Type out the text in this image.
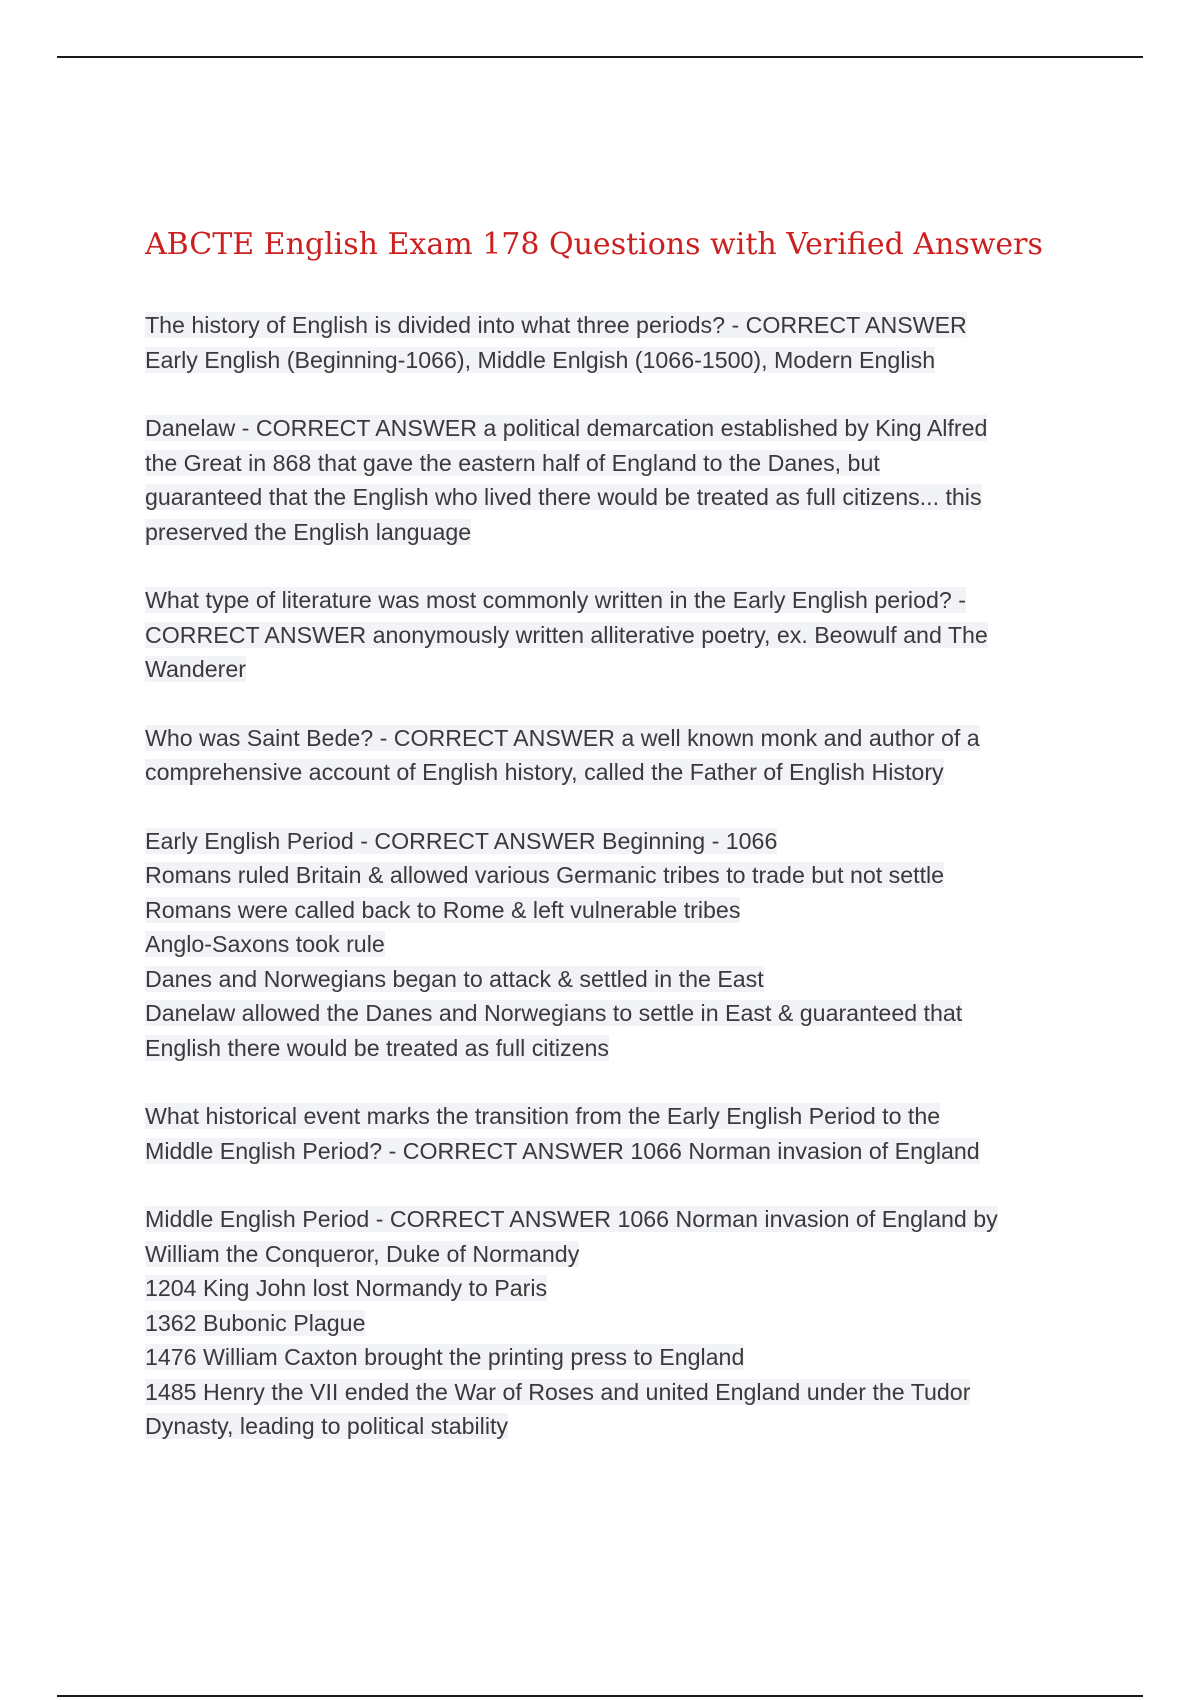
ABCTE English Exam 178 Questions with Verified Answers
The history of English is divided into what three periods? - CORRECT ANSWER
Early English (Beginning-1066), Middle Enlgish (1066-1500), Modern English
Danelaw - CORRECT ANSWER a political demarcation established by King Alfred
the Great in 868 that gave the eastern half of England to the Danes, but
guaranteed that the English who lived there would be treated as full citizens... this
preserved the English language
What type of literature was most commonly written in the Early English period? -
CORRECT ANSWER anonymously written alliterative poetry, ex. Beowulf and The
Wanderer
Who was Saint Bede? - CORRECT ANSWER a well known monk and author of a
comprehensive account of English history, called the Father of English History
Early English Period - CORRECT ANSWER Beginning - 1066
Romans ruled Britain & allowed various Germanic tribes to trade but not settle
Romans were called back to Rome & left vulnerable tribes
Anglo-Saxons took rule
Danes and Norwegians began to attack & settled in the East
Danelaw allowed the Danes and Norwegians to settle in East & guaranteed that
English there would be treated as full citizens
What historical event marks the transition from the Early English Period to the
Middle English Period? - CORRECT ANSWER 1066 Norman invasion of England
Middle English Period - CORRECT ANSWER 1066 Norman invasion of England by
William the Conqueror, Duke of Normandy
1204 King John lost Normandy to Paris
1362 Bubonic Plague
1476 William Caxton brought the printing press to England
1485 Henry the VII ended the War of Roses and united England under the Tudor
Dynasty, leading to political stability
